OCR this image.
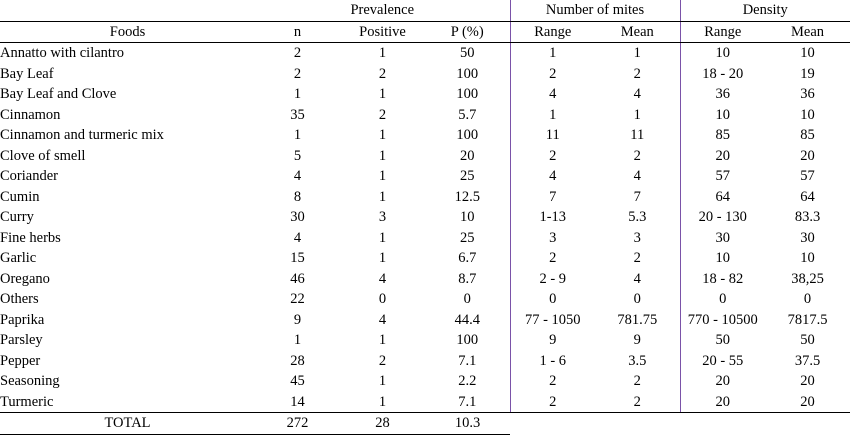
	Prevalence			Number of mites		Density	
Foods	n	Positive	P (%)	Range	Mean	Range	Mean
Annatto with cilantro	2	1	50	1	1	10	10
Bay Leaf	2	2	100	2	2	18 - 20	19
Bay Leaf and Clove	1	1	100	4	4	36	36
Cinnamon	35	2	5.7	1	1	10	10
Cinnamon and turmeric mix	1	1	100	11	11	85	85
Clove of smell	5	1	20	2	2	20	20
Coriander	4	1	25	4	4	57	57
Cumin	8	1	12.5	7	7	64	64
Curry	30	3	10	1-13	5.3	20 - 130	83.3
Fine herbs	4	1	25	3	3	30	30
Garlic	15	1	6.7	2	2	10	10
Oregano	46	4	8.7	2 - 9	4	18 - 82	38,25
Others	22	0	0	0	0	0	0
Paprika	9	4	44.4	77 - 1050	781.75	770 - 10500	7817.5
Parsley	1	1	100	9	9	50	50
Pepper	28	2	7.1	1 - 6	3.5	20 - 55	37.5
Seasoning	45	1	2.2	2	2	20	20
Turmeric	14	1	7.1	2	2	20	20
TOTAL	272	28	10.3				
